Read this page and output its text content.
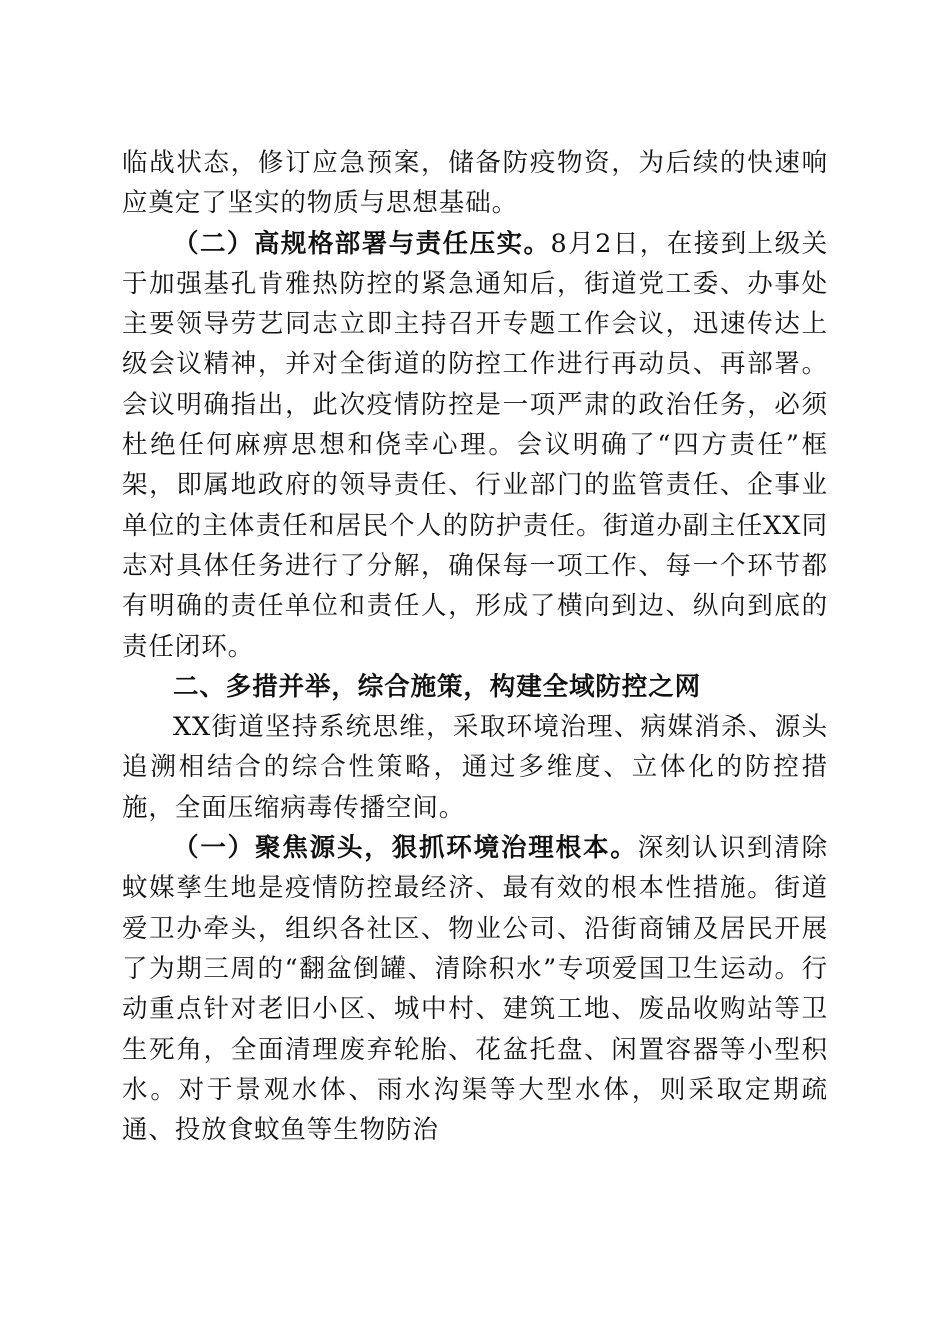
临战状态，修订应急预案，储备防疫物资，为后续的快速响应奠定了坚实的物质与思想基础。

（二）高规格部署与责任压实。8月2日，在接到上级关于加强基孔肯雅热防控的紧急通知后，街道党工委、办事处主要领导劳艺同志立即主持召开专题工作会议，迅速传达上级会议精神，并对全街道的防控工作进行再动员、再部署。会议明确指出，此次疫情防控是一项严肃的政治任务，必须杜绝任何麻痹思想和侥幸心理。会议明确了“四方责任”框架，即属地政府的领导责任、行业部门的监管责任、企事业单位的主体责任和居民个人的防护责任。街道办副主任XX同志对具体任务进行了分解，确保每一项工作、每一个环节都有明确的责任单位和责任人，形成了横向到边、纵向到底的责任闭环。

二、多措并举，综合施策，构建全域防控之网

XX街道坚持系统思维，采取环境治理、病媒消杀、源头追溯相结合的综合性策略，通过多维度、立体化的防控措施，全面压缩病毒传播空间。

（一）聚焦源头，狠抓环境治理根本。深刻认识到清除蚊媒孳生地是疫情防控最经济、最有效的根本性措施。街道爱卫办牵头，组织各社区、物业公司、沿街商铺及居民开展了为期三周的“翻盆倒罐、清除积水”专项爱国卫生运动。行动重点针对老旧小区、城中村、建筑工地、废品收购站等卫生死角，全面清理废弃轮胎、花盆托盘、闲置容器等小型积水。对于景观水体、雨水沟渠等大型水体，则采取定期疏通、投放食蚊鱼等生物防治
